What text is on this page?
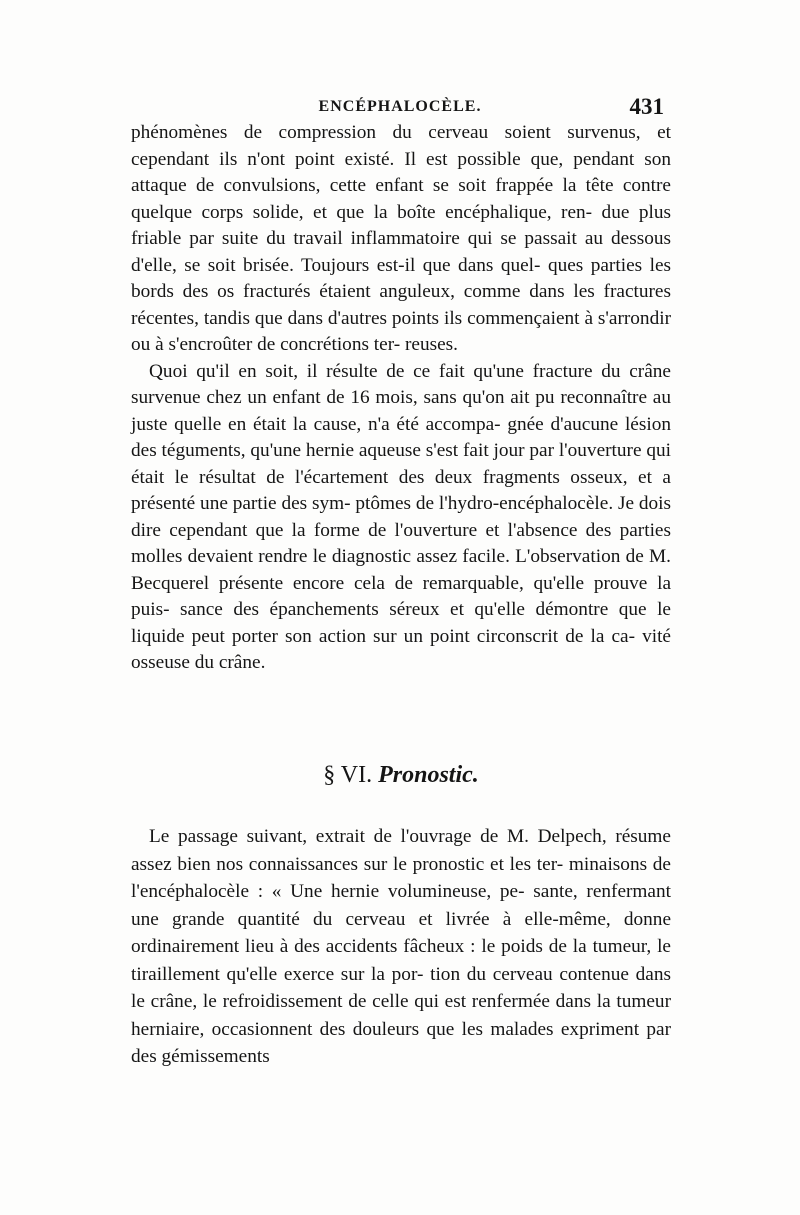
ENCÉPHALOCÈLE.	431

phénomènes de compression du cerveau soient survenus, et cependant ils n'ont point existé. Il est possible que, pendant son attaque de convulsions, cette enfant se soit frappée la tête contre quelque corps solide, et que la boîte encéphalique, ren- due plus friable par suite du travail inflammatoire qui se passait au dessous d'elle, se soit brisée. Toujours est-il que dans quel- ques parties les bords des os fracturés étaient anguleux, comme dans les fractures récentes, tandis que dans d'autres points ils commençaient à s'arrondir ou à s'encroûter de concrétions ter- reuses.

Quoi qu'il en soit, il résulte de ce fait qu'une fracture du crâne survenue chez un enfant de 16 mois, sans qu'on ait pu reconnaître au juste quelle en était la cause, n'a été accompa- gnée d'aucune lésion des téguments, qu'une hernie aqueuse s'est fait jour par l'ouverture qui était le résultat de l'écartement des deux fragments osseux, et a présenté une partie des sym- ptômes de l'hydro-encéphalocèle. Je dois dire cependant que la forme de l'ouverture et l'absence des parties molles devaient rendre le diagnostic assez facile. L'observation de M. Becquerel présente encore cela de remarquable, qu'elle prouve la puis- sance des épanchements séreux et qu'elle démontre que le liquide peut porter son action sur un point circonscrit de la ca- vité osseuse du crâne.

§ VI. Pronostic.

Le passage suivant, extrait de l'ouvrage de M. Delpech, résume assez bien nos connaissances sur le pronostic et les ter- minaisons de l'encéphalocèle : « Une hernie volumineuse, pe- sante, renfermant une grande quantité du cerveau et livrée à elle-même, donne ordinairement lieu à des accidents fâcheux : le poids de la tumeur, le tiraillement qu'elle exerce sur la por- tion du cerveau contenue dans le crâne, le refroidissement de celle qui est renfermée dans la tumeur herniaire, occasionnent des douleurs que les malades expriment par des gémissements
